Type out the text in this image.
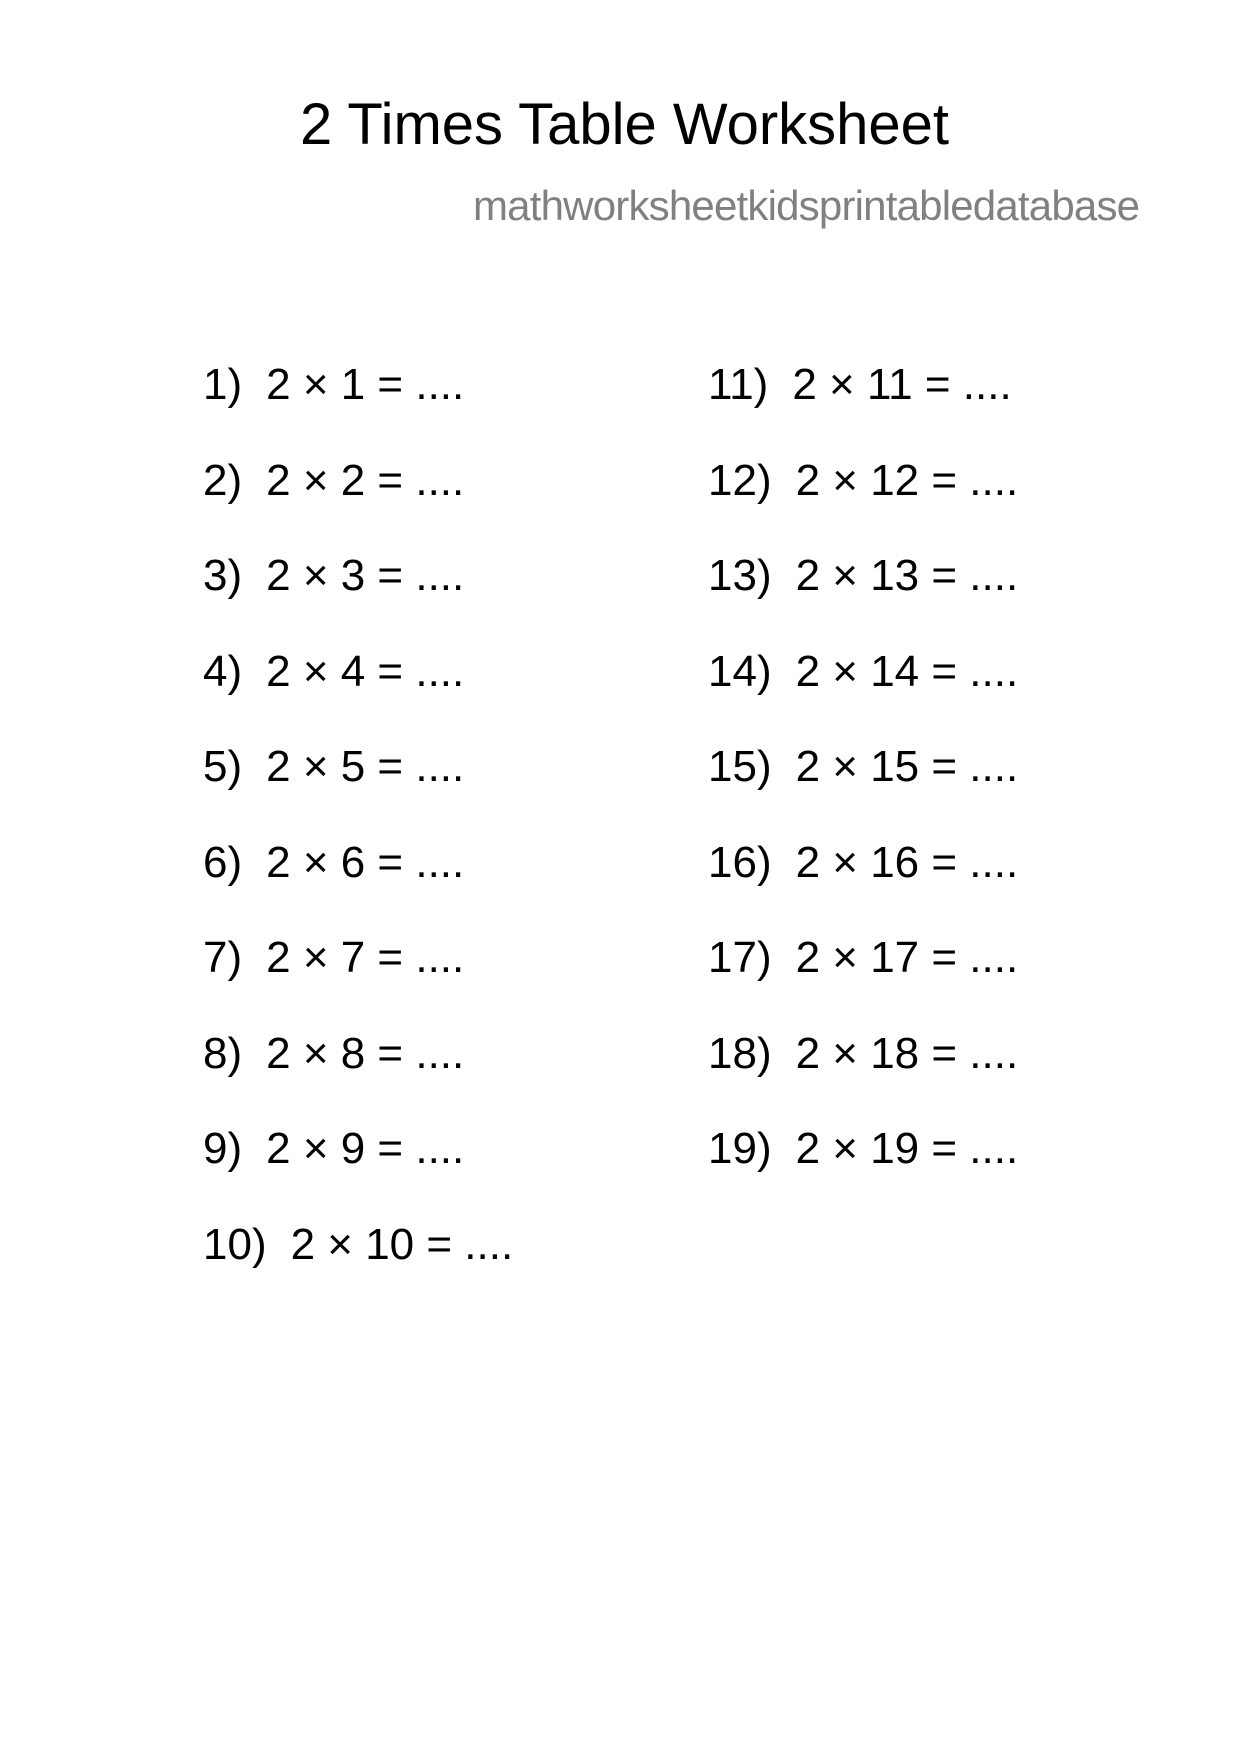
2 Times Table Worksheet
mathworksheetkidsprintabledatabase
1) 2 × 1 = ....
2) 2 × 2 = ....
3) 2 × 3 = ....
4) 2 × 4 = ....
5) 2 × 5 = ....
6) 2 × 6 = ....
7) 2 × 7 = ....
8) 2 × 8 = ....
9) 2 × 9 = ....
10) 2 × 10 = ....
11) 2 × 11 = ....
12) 2 × 12 = ....
13) 2 × 13 = ....
14) 2 × 14 = ....
15) 2 × 15 = ....
16) 2 × 16 = ....
17) 2 × 17 = ....
18) 2 × 18 = ....
19) 2 × 19 = ....
